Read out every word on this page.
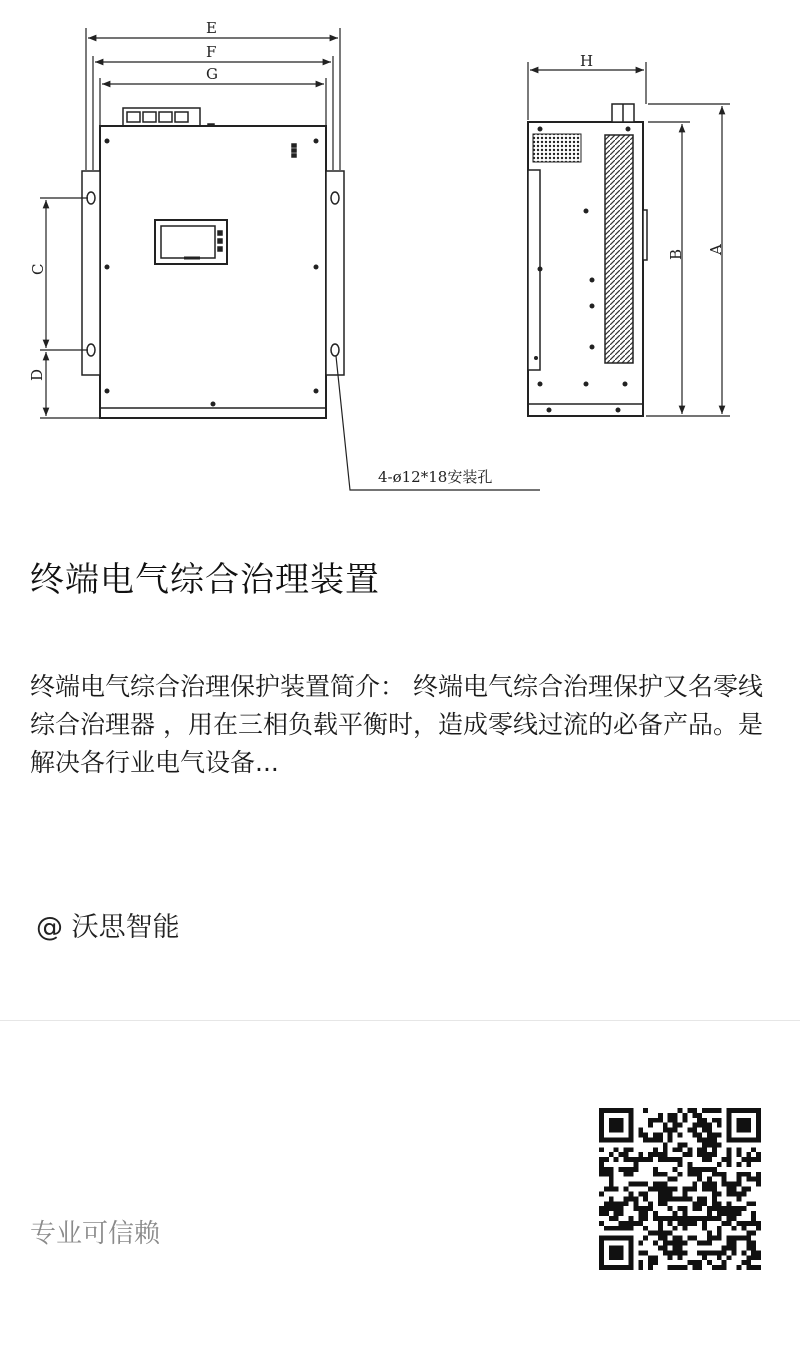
E
F
G
C
D
4-ø12*18安装孔
H
B A
终端电气综合治理装置

终端电气综合治理保护装置简介： 终端电气综合治理保护又名零线综合治理器 ，用在三相负载平衡时，造成零线过流的必备产品。是解决各行业电气设备...

@ 沃思智能
专业可信赖
